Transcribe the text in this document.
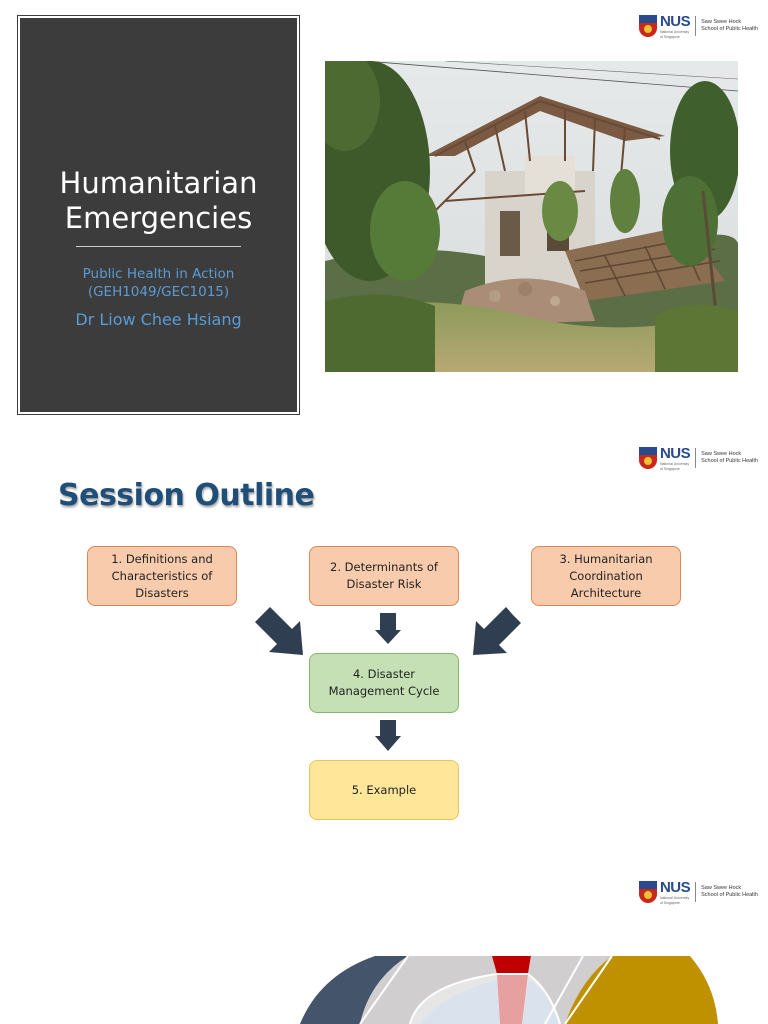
NUS
National University
of Singapore
Saw Swee Hock
School of Public Health
Humanitarian
Emergencies
Public Health in Action
(GEH1049/GEC1015)
Dr Liow Chee Hsiang
NUS
National University
of Singapore
Saw Swee Hock
School of Public Health
Session Outline
1. Definitions and Characteristics of Disasters
2. Determinants of Disaster Risk
3. Humanitarian Coordination Architecture
4. Disaster Management Cycle
5. Example
NUS
National University
of Singapore
Saw Swee Hock
School of Public Health
